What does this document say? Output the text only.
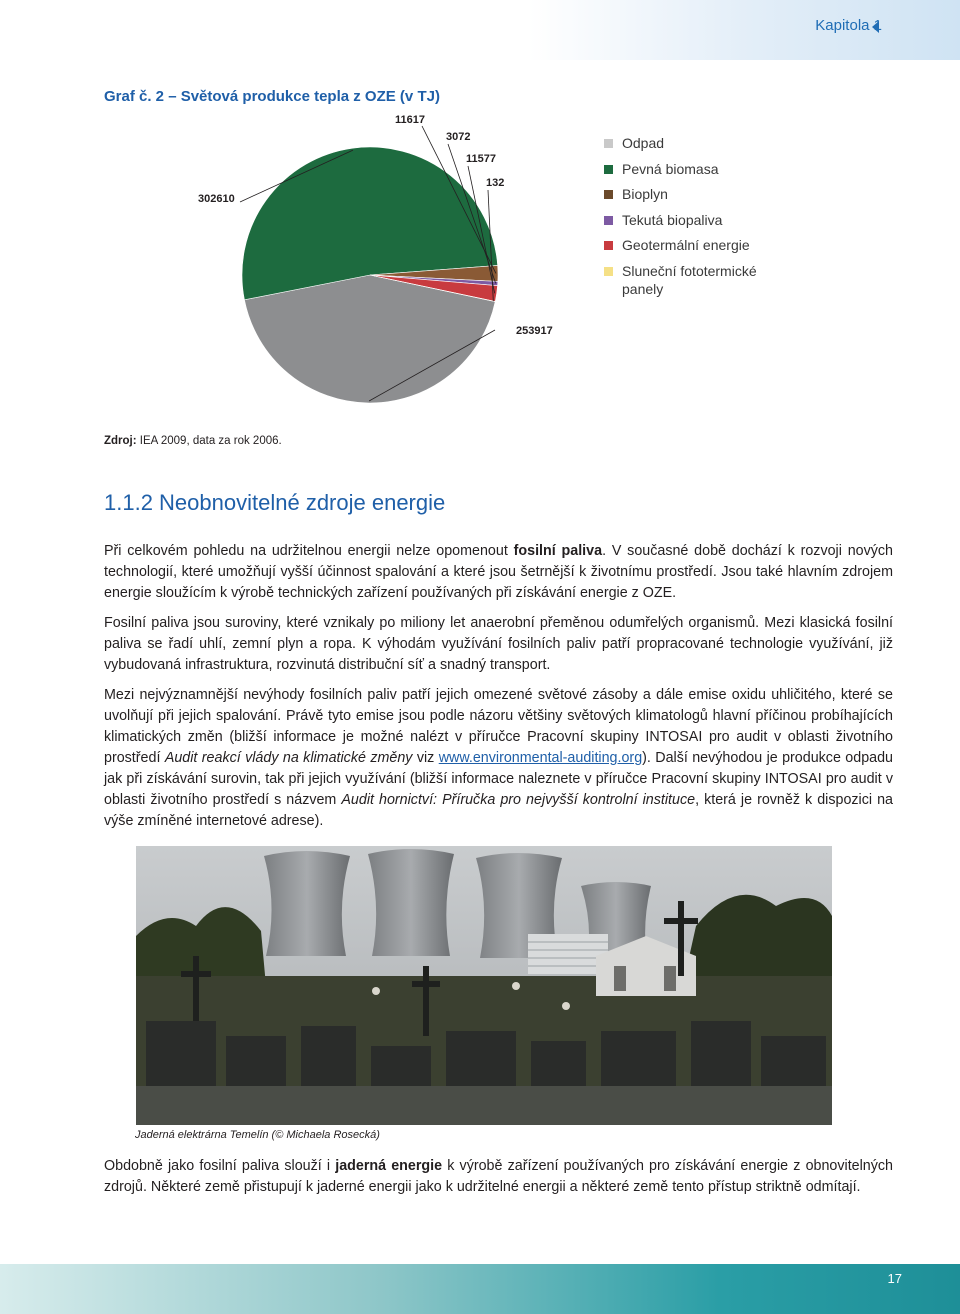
Kapitola 1
Graf č. 2 – Světová produkce tepla z OZE (v TJ)
253917
302610
11617
3072
11577
132
Odpad
Pevná biomasa
Bioplyn
Tekutá biopaliva
Geotermální energie
Sluneční fototermické panely
Zdroj: IEA 2009, data za rok 2006.
1.1.2 Neobnovitelné zdroje energie
Při celkovém pohledu na udržitelnou energii nelze opomenout fosilní paliva. V současné době dochází k rozvoji nových technologií, které umožňují vyšší účinnost spalování a které jsou šetrnější k životnímu prostředí. Jsou také hlavním zdrojem energie sloužícím k výrobě technických zařízení používaných při získávání energie z OZE.
Fosilní paliva jsou suroviny, které vznikaly po miliony let anaerobní přeměnou odumřelých organismů. Mezi klasická fosilní paliva se řadí uhlí, zemní plyn a ropa. K výhodám využívání fosilních paliv patří propracované technologie využívání, již vybudovaná infrastruktura, rozvinutá distribuční síť a snadný transport.
Mezi nejvýznamnější nevýhody fosilních paliv patří jejich omezené světové zásoby a dále emise oxidu uhličitého, které se uvolňují při jejich spalování. Právě tyto emise jsou podle názoru většiny světových klimatologů hlavní příčinou probíhajících klimatických změn (bližší informace je možné nalézt v příručce Pracovní skupiny INTOSAI pro audit v oblasti životního prostředí Audit reakcí vlády na klimatické změny viz www.environmental-auditing.org). Další nevýhodou je produkce odpadu jak při získávání surovin, tak při jejich využívání (bližší informace naleznete v příručce Pracovní skupiny INTOSAI pro audit v oblasti životního prostředí s názvem Audit hornictví: Příručka pro nejvyšší kontrolní instituce, která je rovněž k dispozici na výše zmíněné internetové adrese).
Jaderná elektrárna Temelín (© Michaela Rosecká)
Obdobně jako fosilní paliva slouží i jaderná energie k výrobě zařízení používaných pro získávání energie z obnovitelných zdrojů. Některé země přistupují k jaderné energii jako k udržitelné energii a některé země tento přístup striktně odmítají.
17
